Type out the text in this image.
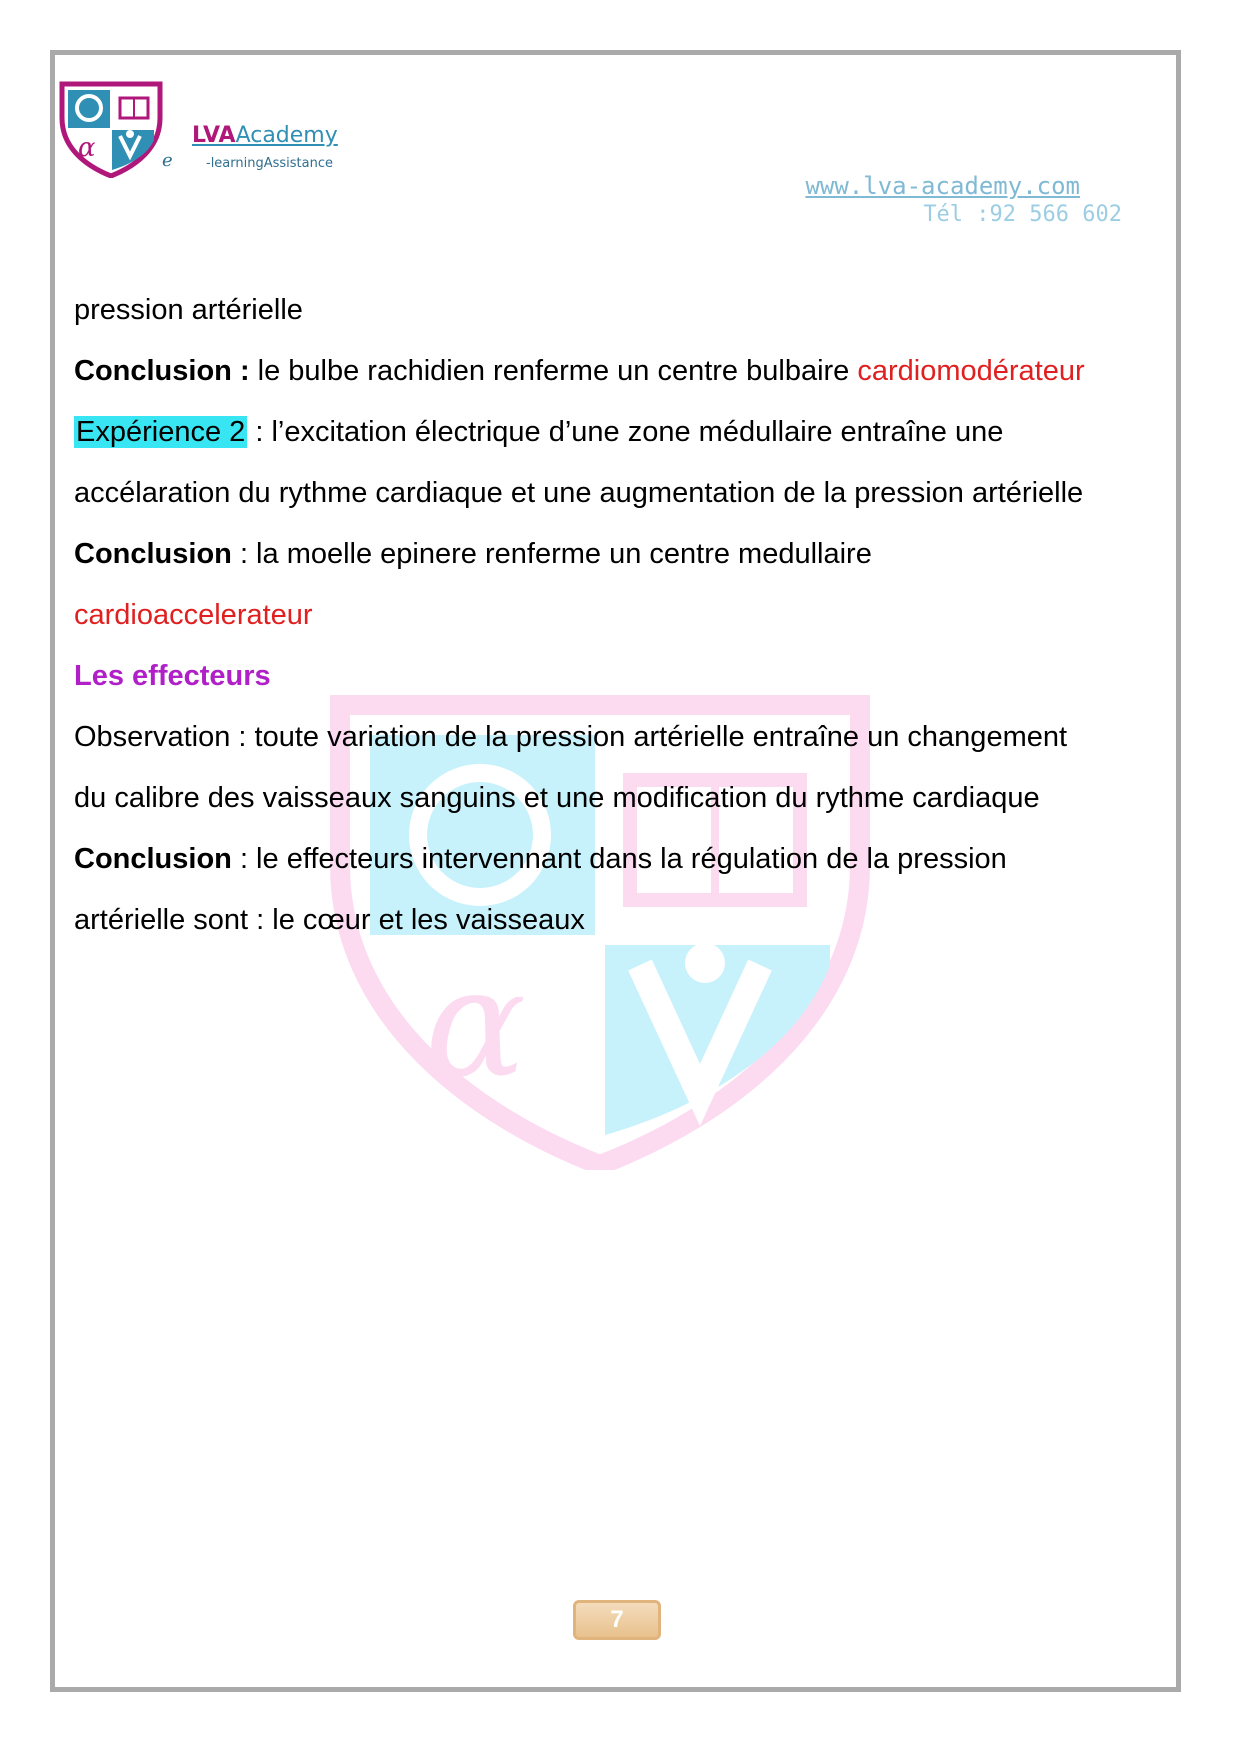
α	LVAAcademy
e	-learningAssistance
www.lva-academy.com
Tél :92 566 602
α

pression artérielle

Conclusion : le bulbe rachidien renferme un centre bulbaire cardiomodérateur

Expérience 2 : l’excitation électrique d’une zone médullaire entraîne une

accélaration du rythme cardiaque et une augmentation de la pression artérielle

Conclusion : la moelle epinere renferme un centre medullaire

cardioaccelerateur

Les effecteurs

Observation : toute variation de la pression artérielle entraîne un changement

du calibre des vaisseaux sanguins et une modification du rythme cardiaque

Conclusion : le effecteurs intervennant dans la régulation de la pression

artérielle sont : le cœur et les vaisseaux

7
